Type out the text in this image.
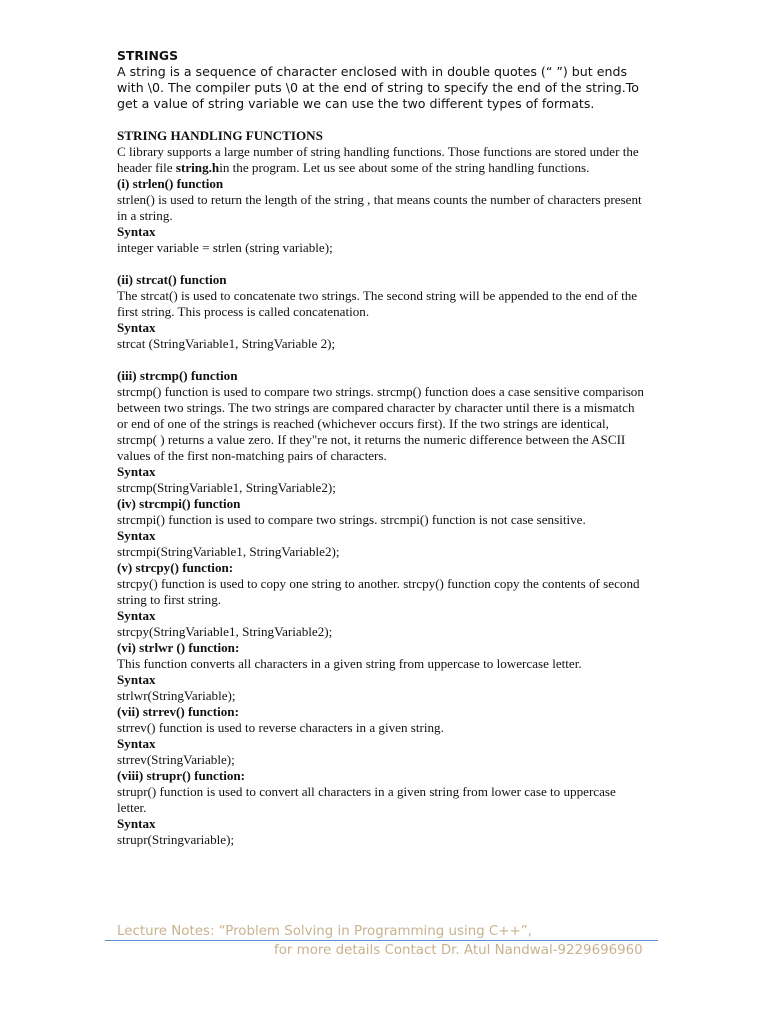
STRINGS

A string is a sequence of character enclosed with in double quotes (“ ”) but ends with \0. The compiler puts \0 at the end of string to specify the end of the string.To get a value of string variable we can use the two different types of formats.

STRING HANDLING FUNCTIONS

C library supports a large number of string handling functions. Those functions are stored under the header file string.hin the program. Let us see about some of the string handling functions.

(i) strlen() function

strlen() is used to return the length of the string , that means counts the number of characters present in a string.

Syntax

integer variable = strlen (string variable);

(ii) strcat() function

The strcat() is used to concatenate two strings. The second string will be appended to the end of the first string. This process is called concatenation.

Syntax

strcat (StringVariable1, StringVariable 2);

(iii) strcmp() function

strcmp() function is used to compare two strings. strcmp() function does a case sensitive comparison between two strings. The two strings are compared character by character until there is a mismatch or end of one of the strings is reached (whichever occurs first). If the two strings are identical, strcmp( ) returns a value zero. If they"re not, it returns the numeric difference between the ASCII values of the first non-matching pairs of characters.

Syntax

strcmp(StringVariable1, StringVariable2);

(iv) strcmpi() function

strcmpi() function is used to compare two strings. strcmpi() function is not case sensitive.

Syntax

strcmpi(StringVariable1, StringVariable2);

(v) strcpy() function:

strcpy() function is used to copy one string to another. strcpy() function copy the contents of second string to first string.

Syntax

strcpy(StringVariable1, StringVariable2);

(vi) strlwr () function:

This function converts all characters in a given string from uppercase to lowercase letter.

Syntax

strlwr(StringVariable);

(vii) strrev() function:

strrev() function is used to reverse characters in a given string.

Syntax

strrev(StringVariable);

(viii) strupr() function:

strupr() function is used to convert all characters in a given string from lower case to uppercase letter.

Syntax

strupr(Stringvariable);

Lecture Notes: “Problem Solving in Programming using C++”,
for more details Contact Dr. Atul Nandwal-9229696960
